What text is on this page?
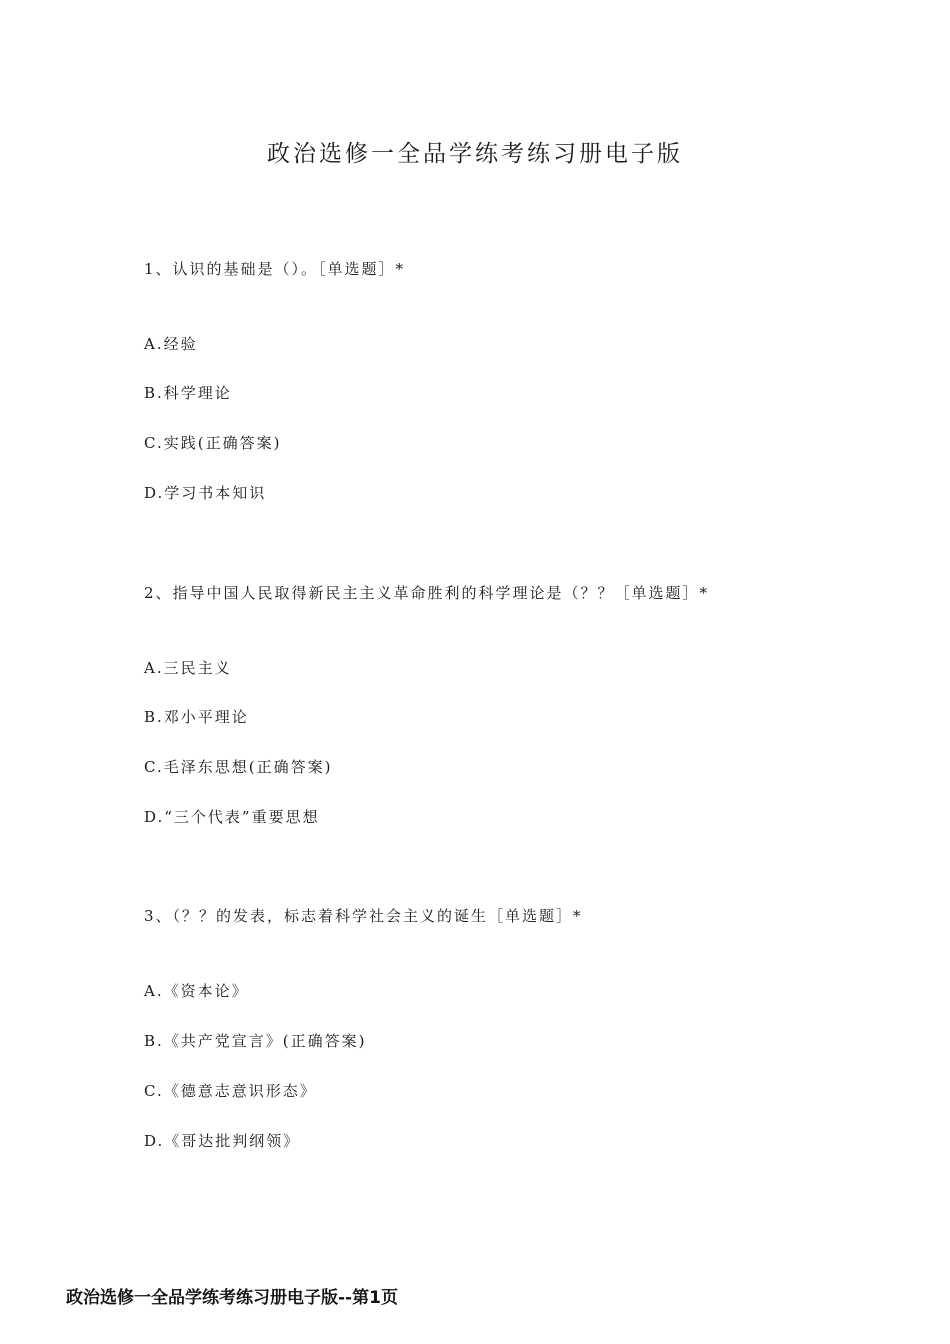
政治选修一全品学练考练习册电子版
1、认识的基础是（）。［单选题］*
A.经验
B.科学理论
C.实践(正确答案)
D.学习书本知识
2、指导中国人民取得新民主主义革命胜利的科学理论是（？？［单选题］*
A.三民主义
B.邓小平理论
C.毛泽东思想(正确答案)
D.“三个代表”重要思想
3、（？？的发表，标志着科学社会主义的诞生［单选题］*
A.《资本论》
B.《共产党宣言》(正确答案)
C.《德意志意识形态》
D.《哥达批判纲领》
政治选修一全品学练考练习册电子版--第1页
